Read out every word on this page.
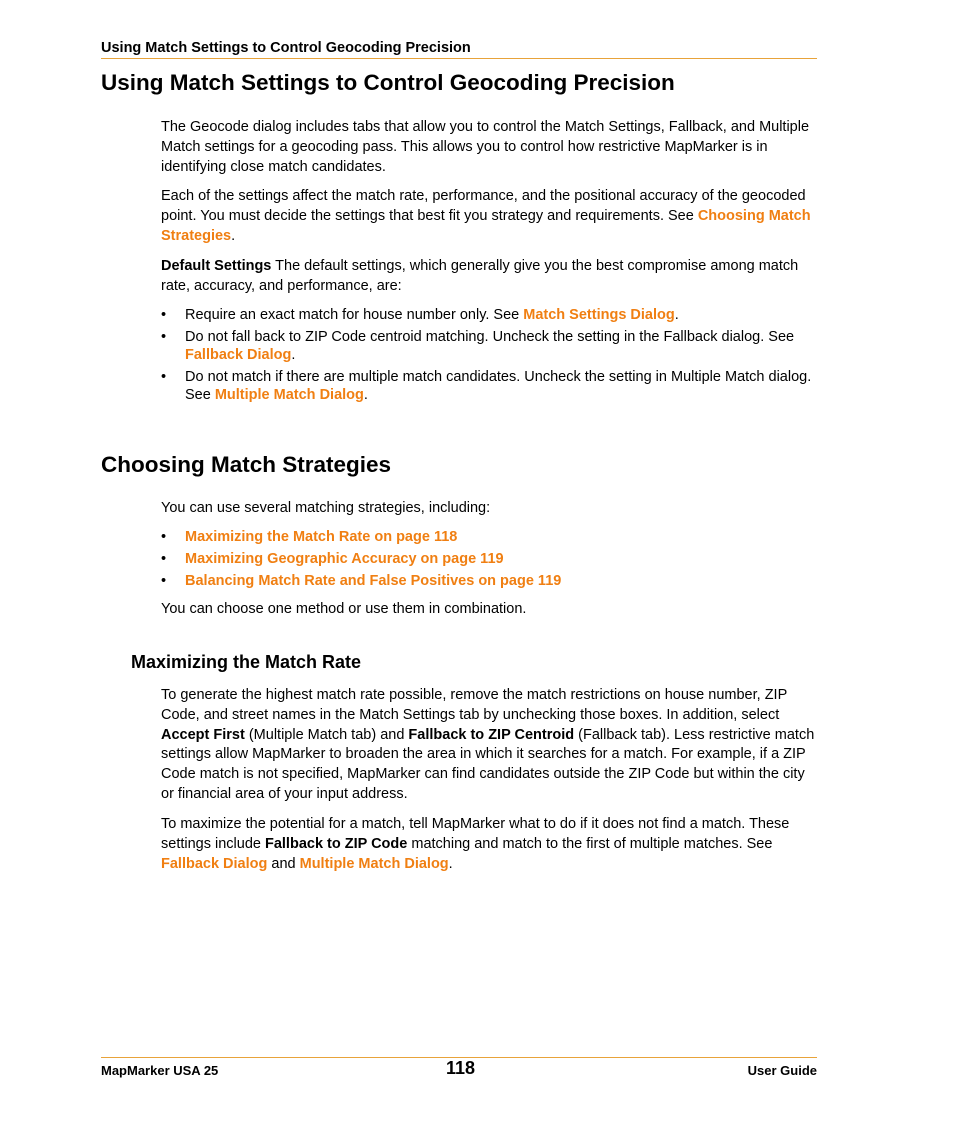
Using Match Settings to Control Geocoding Precision
Using Match Settings to Control Geocoding Precision

The Geocode dialog includes tabs that allow you to control the Match Settings, Fallback, and Multiple Match settings for a geocoding pass. This allows you to control how restrictive MapMarker is in identifying close match candidates.

Each of the settings affect the match rate, performance, and the positional accuracy of the geocoded point. You must decide the settings that best fit you strategy and requirements. See Choosing Match Strategies.

Default Settings The default settings, which generally give you the best compromise among match rate, accuracy, and performance, are:

• Require an exact match for house number only. See Match Settings Dialog.
• Do not fall back to ZIP Code centroid matching. Uncheck the setting in the Fallback dialog. See Fallback Dialog.
• Do not match if there are multiple match candidates. Uncheck the setting in Multiple Match dialog. See Multiple Match Dialog.
Choosing Match Strategies

You can use several matching strategies, including:

• Maximizing the Match Rate on page 118
• Maximizing Geographic Accuracy on page 119
• Balancing Match Rate and False Positives on page 119

You can choose one method or use them in combination.

Maximizing the Match Rate

To generate the highest match rate possible, remove the match restrictions on house number, ZIP Code, and street names in the Match Settings tab by unchecking those boxes. In addition, select Accept First (Multiple Match tab) and Fallback to ZIP Centroid (Fallback tab). Less restrictive match settings allow MapMarker to broaden the area in which it searches for a match. For example, if a ZIP Code match is not specified, MapMarker can find candidates outside the ZIP Code but within the city or financial area of your input address.

To maximize the potential for a match, tell MapMarker what to do if it does not find a match. These settings include Fallback to ZIP Code matching and match to the first of multiple matches. See Fallback Dialog and Multiple Match Dialog.

MapMarker USA 25	118	User Guide
